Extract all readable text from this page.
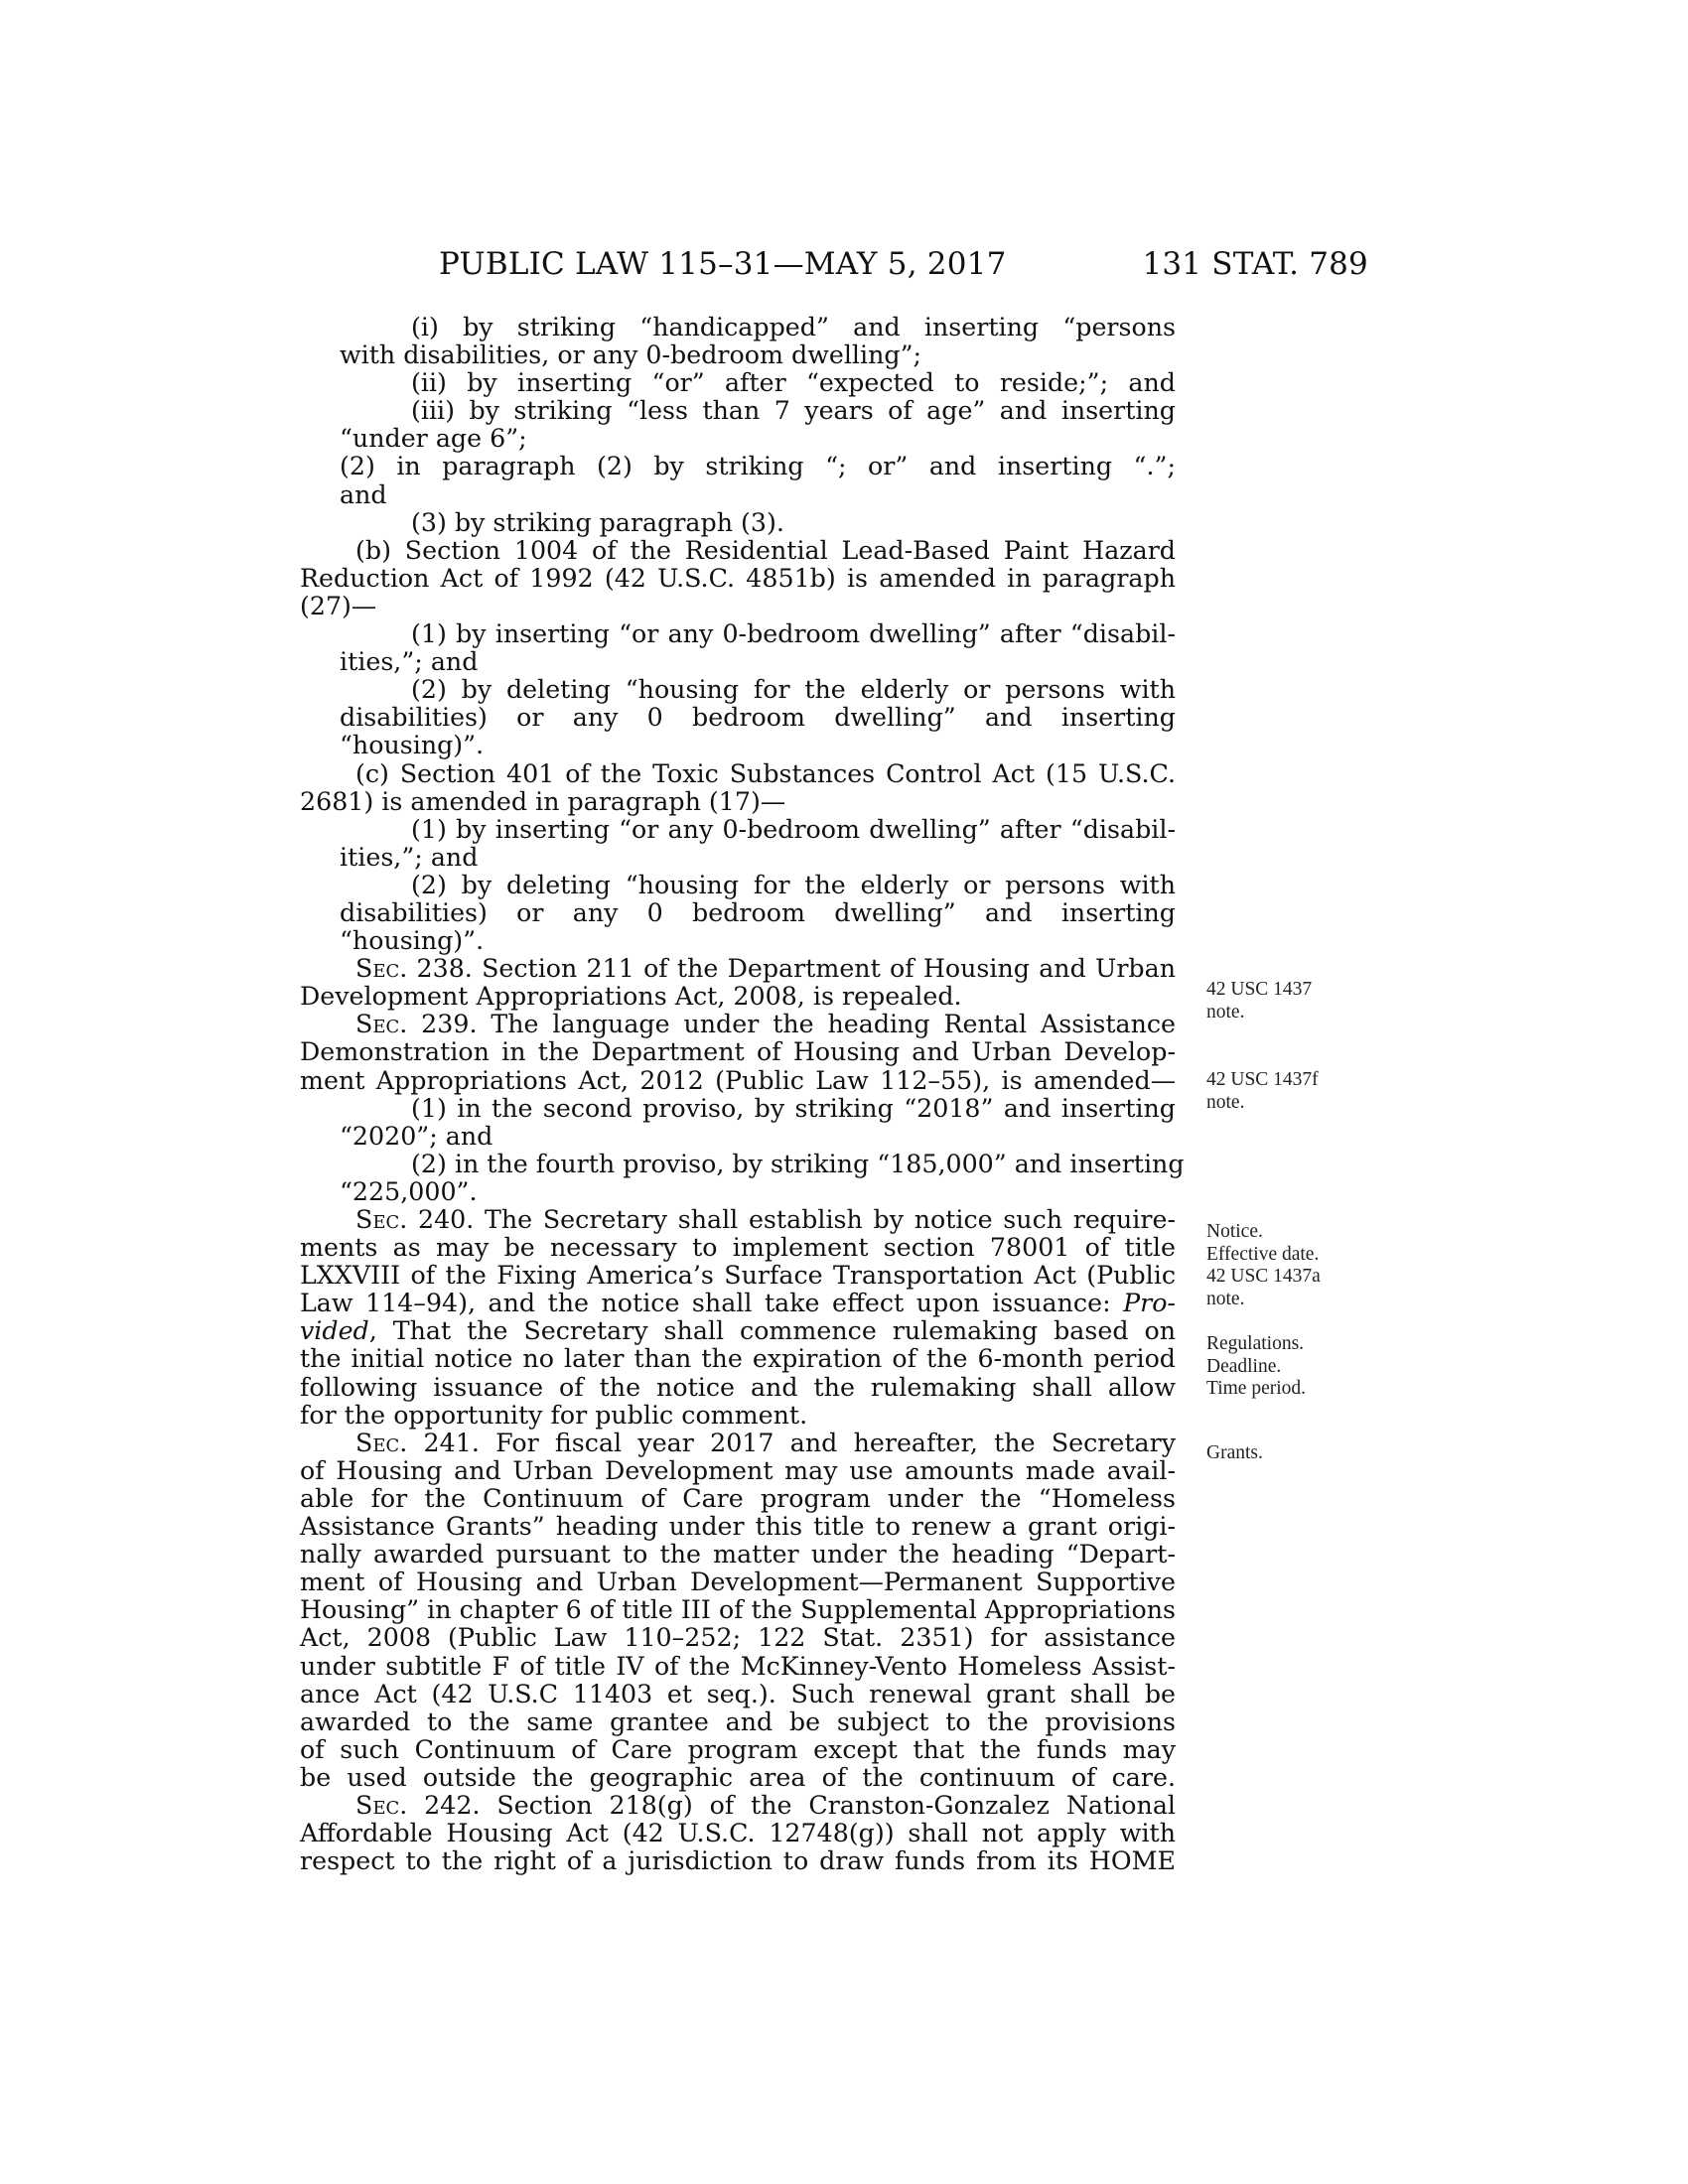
PUBLIC LAW 115–31—MAY 5, 2017	131 STAT. 789
(i) by striking “handicapped” and inserting “persons
with disabilities, or any 0-bedroom dwelling”;
(ii) by inserting “or” after “expected to reside;”; and
(iii) by striking “less than 7 years of age” and inserting
“under age 6”;
(2) in paragraph (2) by striking “; or” and inserting “.”;
and
(3) by striking paragraph (3).
(b) Section 1004 of the Residential Lead-Based Paint Hazard
Reduction Act of 1992 (42 U.S.C. 4851b) is amended in paragraph
(27)—
(1) by inserting “or any 0-bedroom dwelling” after “disabil-
ities,”; and
(2) by deleting “housing for the elderly or persons with
disabilities) or any 0 bedroom dwelling” and inserting
“housing)”.
(c) Section 401 of the Toxic Substances Control Act (15 U.S.C.
2681) is amended in paragraph (17)—
(1) by inserting “or any 0-bedroom dwelling” after “disabil-
ities,”; and
(2) by deleting “housing for the elderly or persons with
disabilities) or any 0 bedroom dwelling” and inserting
“housing)”.
Sec. 238. Section 211 of the Department of Housing and Urban
Development Appropriations Act, 2008, is repealed.
Sec. 239. The language under the heading Rental Assistance
Demonstration in the Department of Housing and Urban Develop-
ment Appropriations Act, 2012 (Public Law 112–55), is amended—
(1) in the second proviso, by striking “2018” and inserting
“2020”; and
(2) in the fourth proviso, by striking “185,000” and inserting
“225,000”.
Sec. 240. The Secretary shall establish by notice such require-
ments as may be necessary to implement section 78001 of title
LXXVIII of the Fixing America’s Surface Transportation Act (Public
Law 114–94), and the notice shall take effect upon issuance: Pro-
vided, That the Secretary shall commence rulemaking based on
the initial notice no later than the expiration of the 6-month period
following issuance of the notice and the rulemaking shall allow
for the opportunity for public comment.
Sec. 241. For fiscal year 2017 and hereafter, the Secretary
of Housing and Urban Development may use amounts made avail-
able for the Continuum of Care program under the “Homeless
Assistance Grants” heading under this title to renew a grant origi-
nally awarded pursuant to the matter under the heading “Depart-
ment of Housing and Urban Development—Permanent Supportive
Housing” in chapter 6 of title III of the Supplemental Appropriations
Act, 2008 (Public Law 110–252; 122 Stat. 2351) for assistance
under subtitle F of title IV of the McKinney-Vento Homeless Assist-
ance Act (42 U.S.C 11403 et seq.). Such renewal grant shall be
awarded to the same grantee and be subject to the provisions
of such Continuum of Care program except that the funds may
be used outside the geographic area of the continuum of care.
Sec. 242. Section 218(g) of the Cranston-Gonzalez National
Affordable Housing Act (42 U.S.C. 12748(g)) shall not apply with
respect to the right of a jurisdiction to draw funds from its HOME
42 USC 1437
note.
42 USC 1437f
note.
Notice.
Effective date.
42 USC 1437a
note.
Regulations.
Deadline.
Time period.
Grants.
